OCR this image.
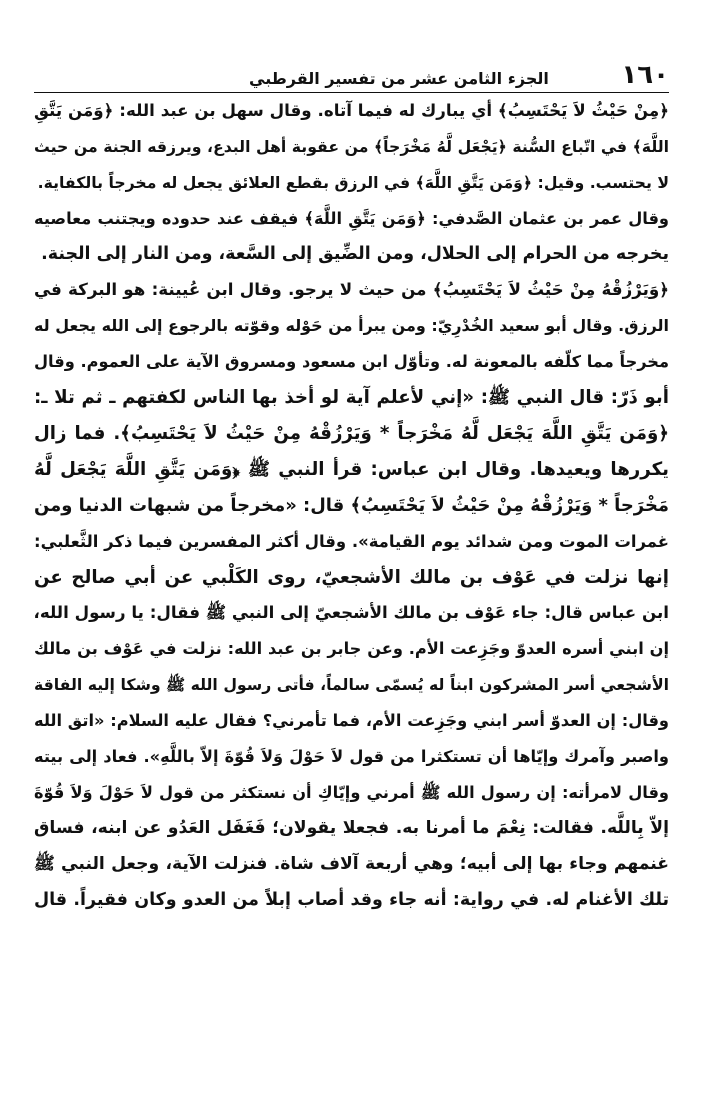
١٦٠
الجزء الثامن عشر من تفسير القرطبي
﴿مِنْ حَيْثُ لاَ يَحْتَسِبُ﴾ أي يبارك له فيما آتاه. وقال سهل بن عبد الله: ﴿وَمَن يَتَّقِ
اللَّهَ﴾ في اتّباع السُّنة ﴿يَجْعَل لَّهُ مَخْرَجاً﴾ من عقوبة أهل البدع، ويرزقه الجنة من حيث
لا يحتسب. وقيل: ﴿وَمَن يَتَّقِ اللَّهَ﴾ في الرزق بقطع العلائق يجعل له مخرجاً بالكفاية.
وقال عمر بن عثمان الصَّدفي: ﴿وَمَن يَتَّقِ اللَّهَ﴾ فيقف عند حدوده ويجتنب معاصيه
يخرجه من الحرام إلى الحلال، ومن الضِّيق إلى السَّعة، ومن النار إلى الجنة.
﴿وَيَرْزُقْهُ مِنْ حَيْثُ لاَ يَحْتَسِبُ﴾ من حيث لا يرجو. وقال ابن عُيينة: هو البركة في
الرزق. وقال أبو سعيد الخُدْرِيّ: ومن يبرأ من حَوْله وقوّته بالرجوع إلى الله يجعل له
مخرجاً مما كلّفه بالمعونة له. وتأوّل ابن مسعود ومسروق الآية على العموم. وقال
أبو ذَرّ: قال النبي ﷺ: «إني لأعلم آية لو أخذ بها الناس لكفتهم ـ ثم تلا ـ:
﴿وَمَن يَتَّقِ اللَّهَ يَجْعَل لَّهُ مَخْرَجاً * وَيَرْزُقْهُ مِنْ حَيْثُ لاَ يَحْتَسِبُ﴾. فما زال
يكررها ويعيدها. وقال ابن عباس: قرأ النبي ﷺ ﴿وَمَن يَتَّقِ اللَّهَ يَجْعَل لَّهُ
مَخْرَجاً * وَيَرْزُقْهُ مِنْ حَيْثُ لاَ يَحْتَسِبُ﴾ قال: «مخرجاً من شبهات الدنيا ومن
غمرات الموت ومن شدائد يوم القيامة». وقال أكثر المفسرين فيما ذكر الثَّعلبي:
إنها نزلت في عَوْف بن مالك الأشجعيّ، روى الكَلْبي عن أبي صالح عن
ابن عباس قال: جاء عَوْف بن مالك الأشجعيّ إلى النبي ﷺ فقال: يا رسول الله،
إن ابني أسره العدوّ وجَزِعت الأم. وعن جابر بن عبد الله: نزلت في عَوْف بن مالك
الأشجعي أسر المشركون ابناً له يُسمّى سالماً، فأتى رسول الله ﷺ وشكا إليه الفاقة
وقال: إن العدوّ أسر ابني وجَزِعت الأم، فما تأمرني؟ فقال عليه السلام: «اتق الله
واصبر وآمرك وإيّاها أن تستكثرا من قول لاَ حَوْلَ وَلاَ قُوّةَ إلاّ باللَّهِ». فعاد إلى بيته
وقال لامرأته: إن رسول الله ﷺ أمرني وإيّاكِ أن نستكثر من قول لاَ حَوْلَ وَلاَ قُوّةَ
إلاّ بِاللَّه. فقالت: نِعْمَ ما أمرنا به. فجعلا يقولان؛ فَغَفَل العَدُو عن ابنه، فساق
غنمهم وجاء بها إلى أبيه؛ وهي أربعة آلاف شاة. فنزلت الآية، وجعل النبي ﷺ
تلك الأغنام له. في رواية: أنه جاء وقد أصاب إبلاً من العدو وكان فقيراً. قال
